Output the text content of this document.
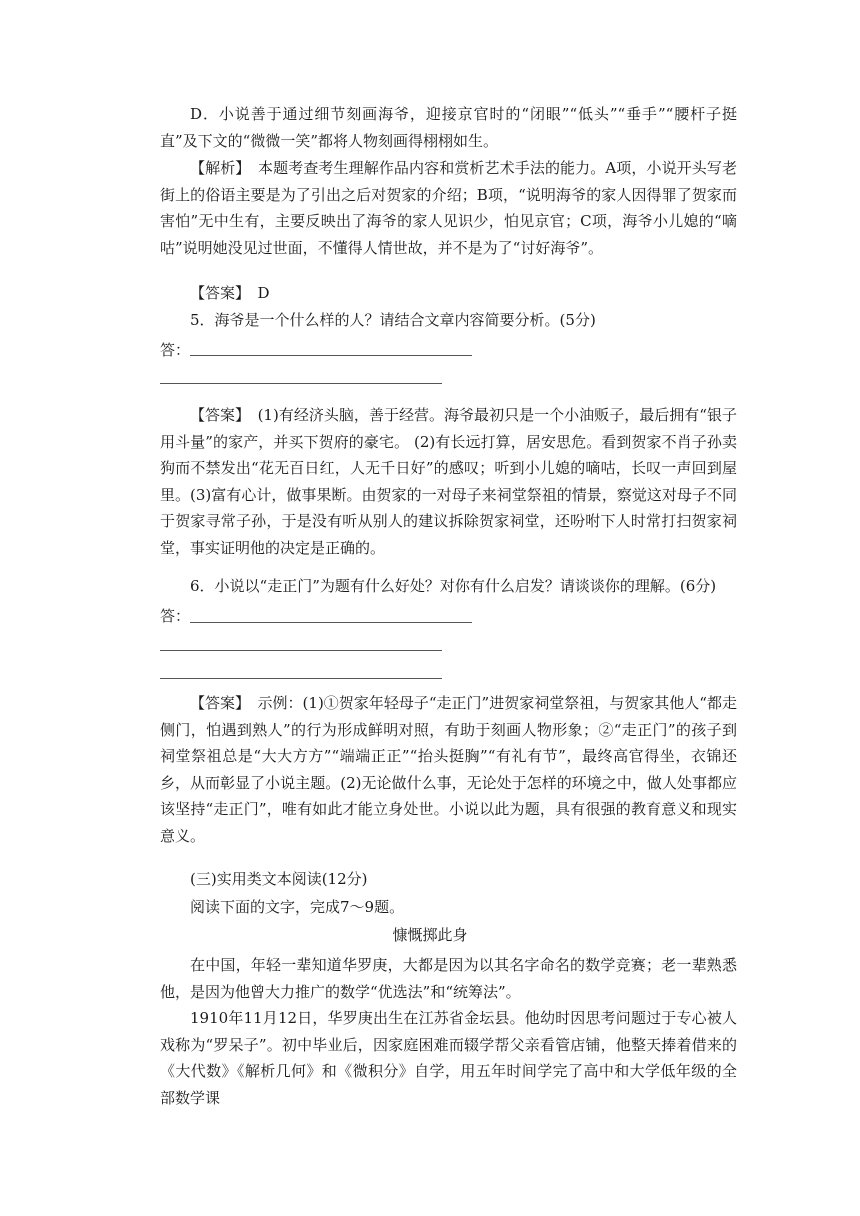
D．小说善于通过细节刻画海爷，迎接京官时的“闭眼”“低头”“垂手”“腰杆子挺直”及下文的“微微一笑”都将人物刻画得栩栩如生。

【解析】　本题考查考生理解作品内容和赏析艺术手法的能力。A项，小说开头写老街上的俗语主要是为了引出之后对贺家的介绍；B项，“说明海爷的家人因得罪了贺家而害怕”无中生有，主要反映出了海爷的家人见识少，怕见京官；C项，海爷小儿媳的“嘀咕”说明她没见过世面，不懂得人情世故，并不是为了“讨好海爷”。

【答案】　D

5．海爷是一个什么样的人？请结合文章内容简要分析。(5分)

答：

【答案】　(1)有经济头脑，善于经营。海爷最初只是一个小油贩子，最后拥有“银子用斗量”的家产，并买下贺府的豪宅。 (2)有长远打算，居安思危。看到贺家不肖子孙卖狗而不禁发出“花无百日红，人无千日好”的感叹；听到小儿媳的嘀咕，长叹一声回到屋里。(3)富有心计，做事果断。由贺家的一对母子来祠堂祭祖的情景，察觉这对母子不同于贺家寻常子孙，于是没有听从别人的建议拆除贺家祠堂，还吩咐下人时常打扫贺家祠堂，事实证明他的决定是正确的。

6．小说以“走正门”为题有什么好处？对你有什么启发？请谈谈你的理解。(6分)

答：

【答案】　示例：(1)①贺家年轻母子“走正门”进贺家祠堂祭祖，与贺家其他人“都走侧门，怕遇到熟人”的行为形成鲜明对照，有助于刻画人物形象；②“走正门”的孩子到祠堂祭祖总是“大大方方”“端端正正”“抬头挺胸”“有礼有节”，最终高官得坐，衣锦还乡，从而彰显了小说主题。(2)无论做什么事，无论处于怎样的环境之中，做人处事都应该坚持“走正门”，唯有如此才能立身处世。小说以此为题，具有很强的教育意义和现实意义。

(三)实用类文本阅读(12分)

阅读下面的文字，完成7～9题。

慷慨掷此身

在中国，年轻一辈知道华罗庚，大都是因为以其名字命名的数学竞赛；老一辈熟悉他，是因为他曾大力推广的数学“优选法”和“统筹法”。

1910年11月12日，华罗庚出生在江苏省金坛县。他幼时因思考问题过于专心被人戏称为“罗呆子”。初中毕业后，因家庭困难而辍学帮父亲看管店铺，他整天捧着借来的《大代数》《解析几何》和《微积分》自学，用五年时间学完了高中和大学低年级的全部数学课
